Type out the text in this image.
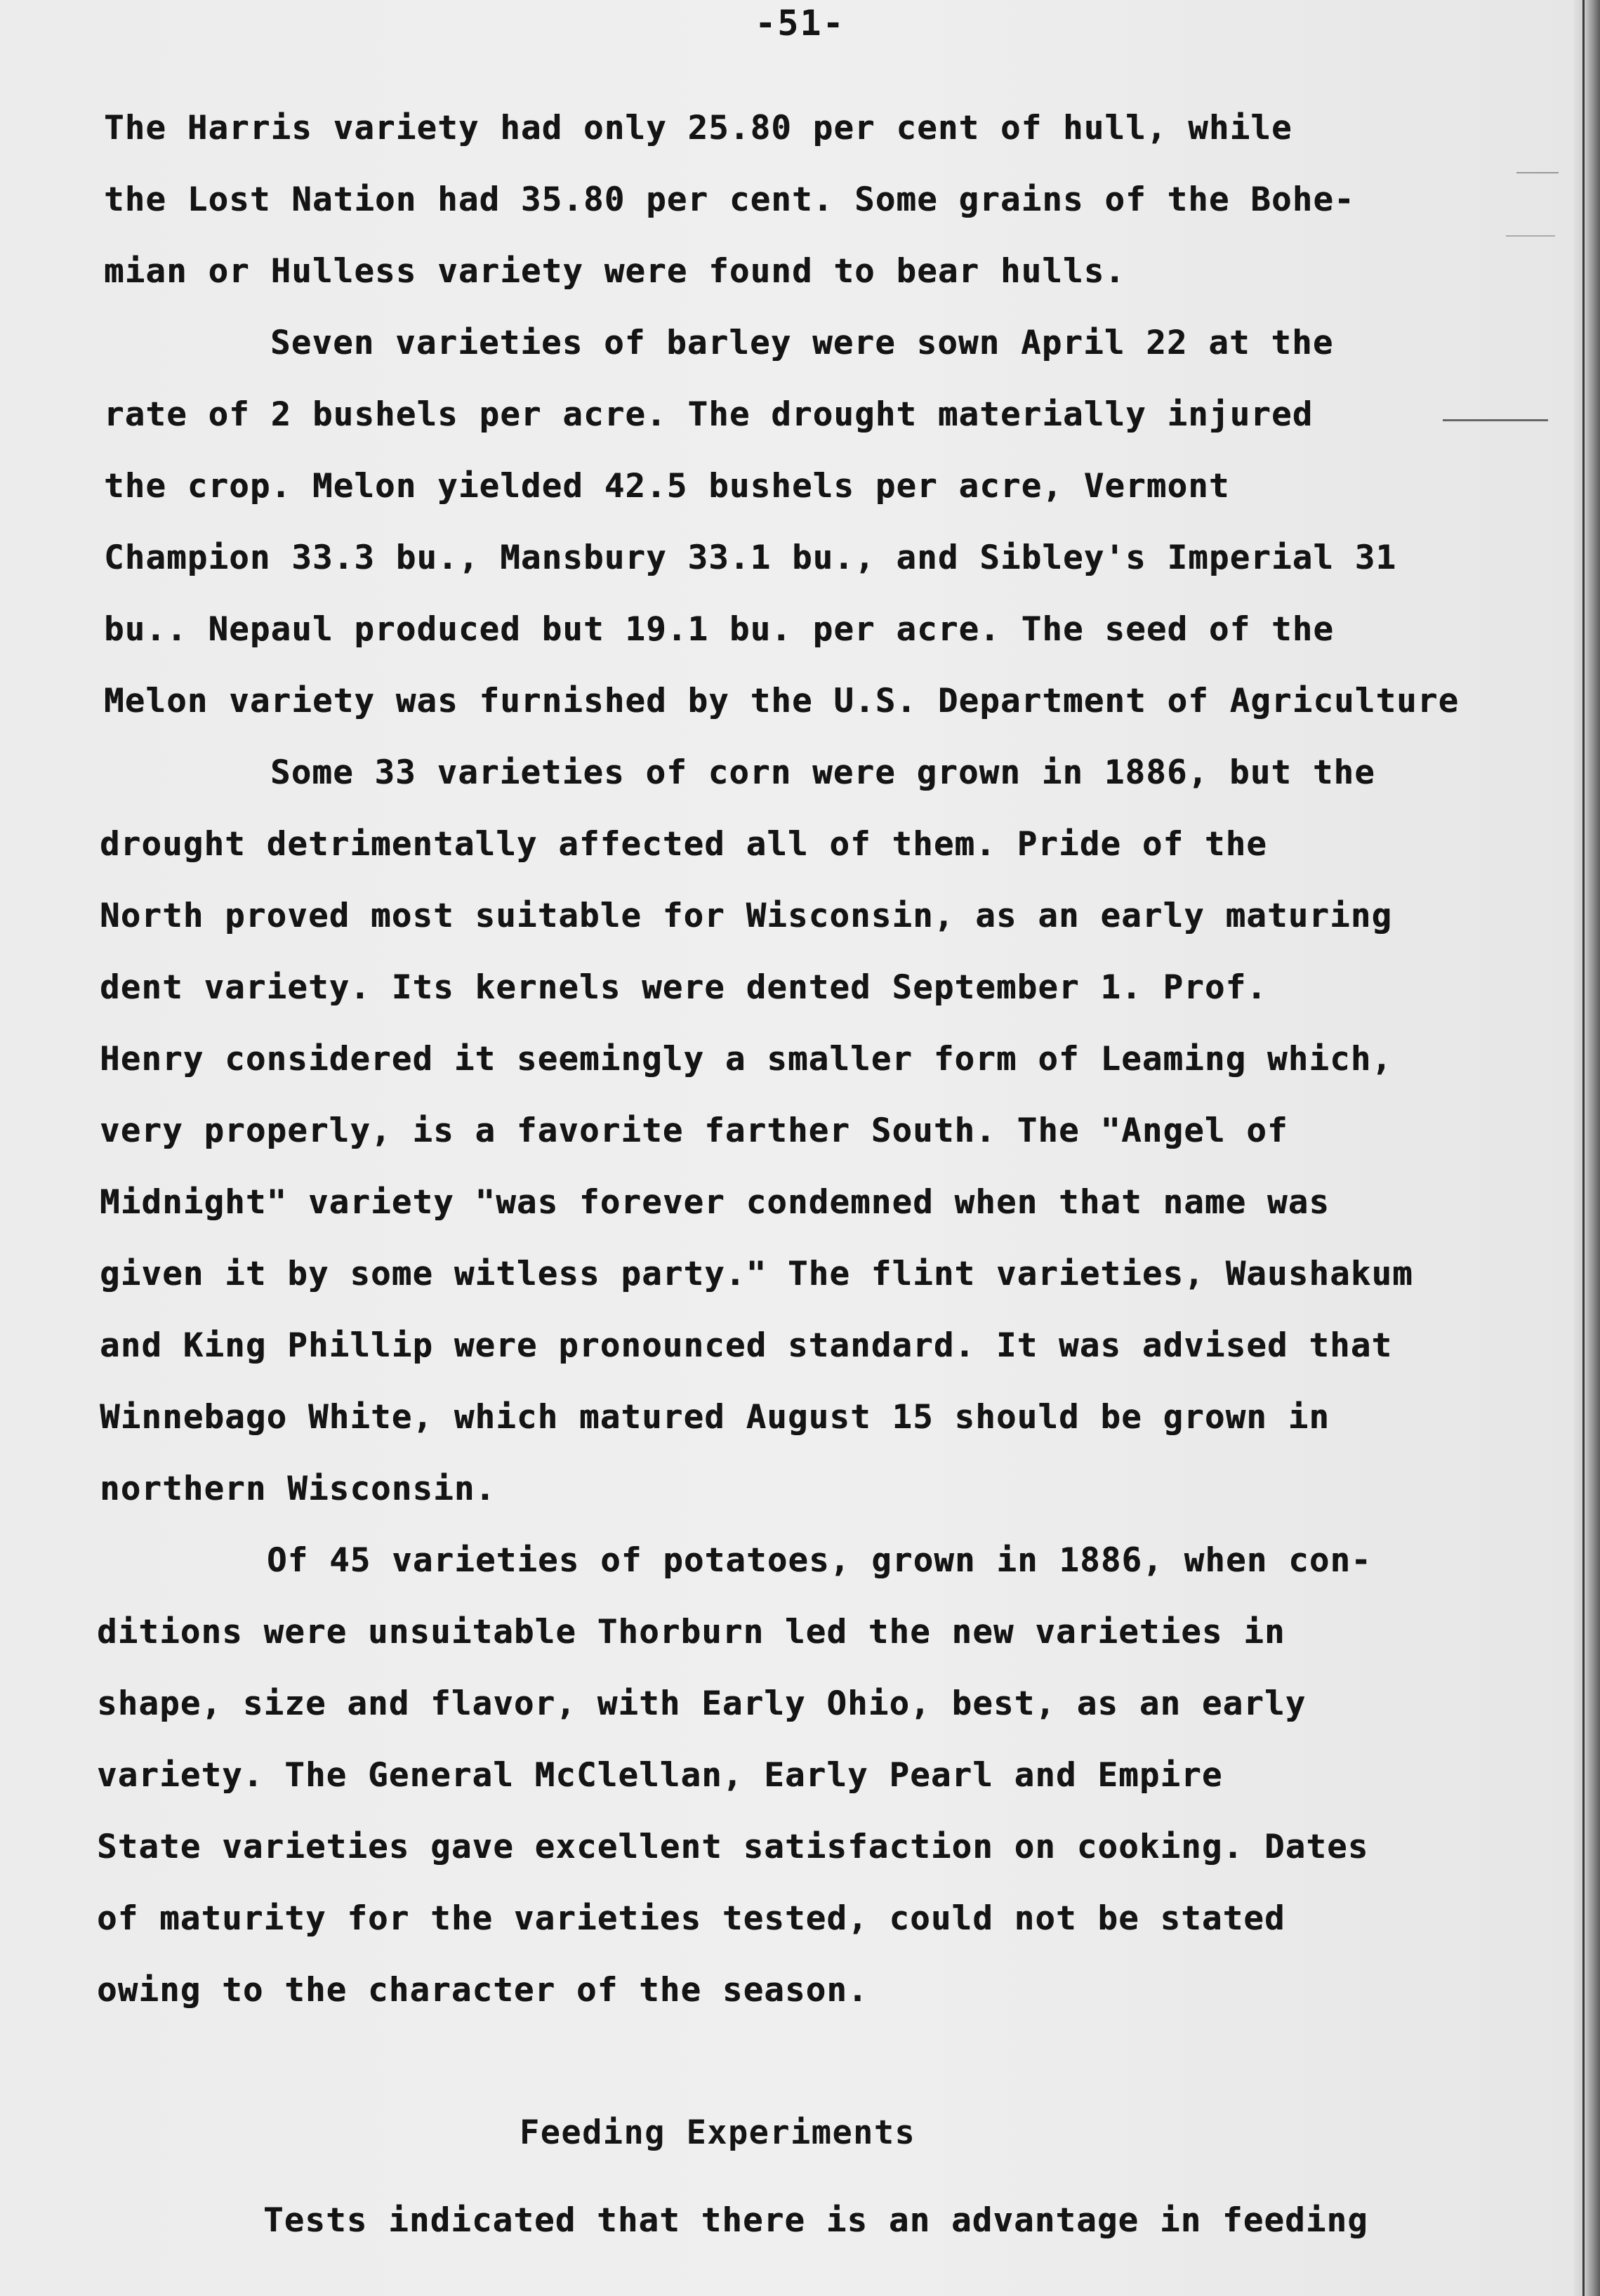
-51-
The Harris variety had only 25.80 per cent of hull, while
the Lost Nation had 35.80 per cent. Some grains of the Bohe-
mian or Hulless variety were found to bear hulls.
Seven varieties of barley were sown April 22 at the
rate of 2 bushels per acre. The drought materially injured
the crop. Melon yielded 42.5 bushels per acre, Vermont
Champion 33.3 bu., Mansbury 33.1 bu., and Sibley's Imperial 31
bu.. Nepaul produced but 19.1 bu. per acre. The seed of the
Melon variety was furnished by the U.S. Department of Agriculture
Some 33 varieties of corn were grown in 1886, but the
drought detrimentally affected all of them. Pride of the
North proved most suitable for Wisconsin, as an early maturing
dent variety. Its kernels were dented September 1. Prof.
Henry considered it seemingly a smaller form of Leaming which,
very properly, is a favorite farther South. The "Angel of
Midnight" variety "was forever condemned when that name was
given it by some witless party." The flint varieties, Waushakum
and King Phillip were pronounced standard. It was advised that
Winnebago White, which matured August 15 should be grown in
northern Wisconsin.
Of 45 varieties of potatoes, grown in 1886, when con-
ditions were unsuitable Thorburn led the new varieties in
shape, size and flavor, with Early Ohio, best, as an early
variety. The General McClellan, Early Pearl and Empire
State varieties gave excellent satisfaction on cooking. Dates
of maturity for the varieties tested, could not be stated
owing to the character of the season.
Feeding Experiments
Tests indicated that there is an advantage in feeding
